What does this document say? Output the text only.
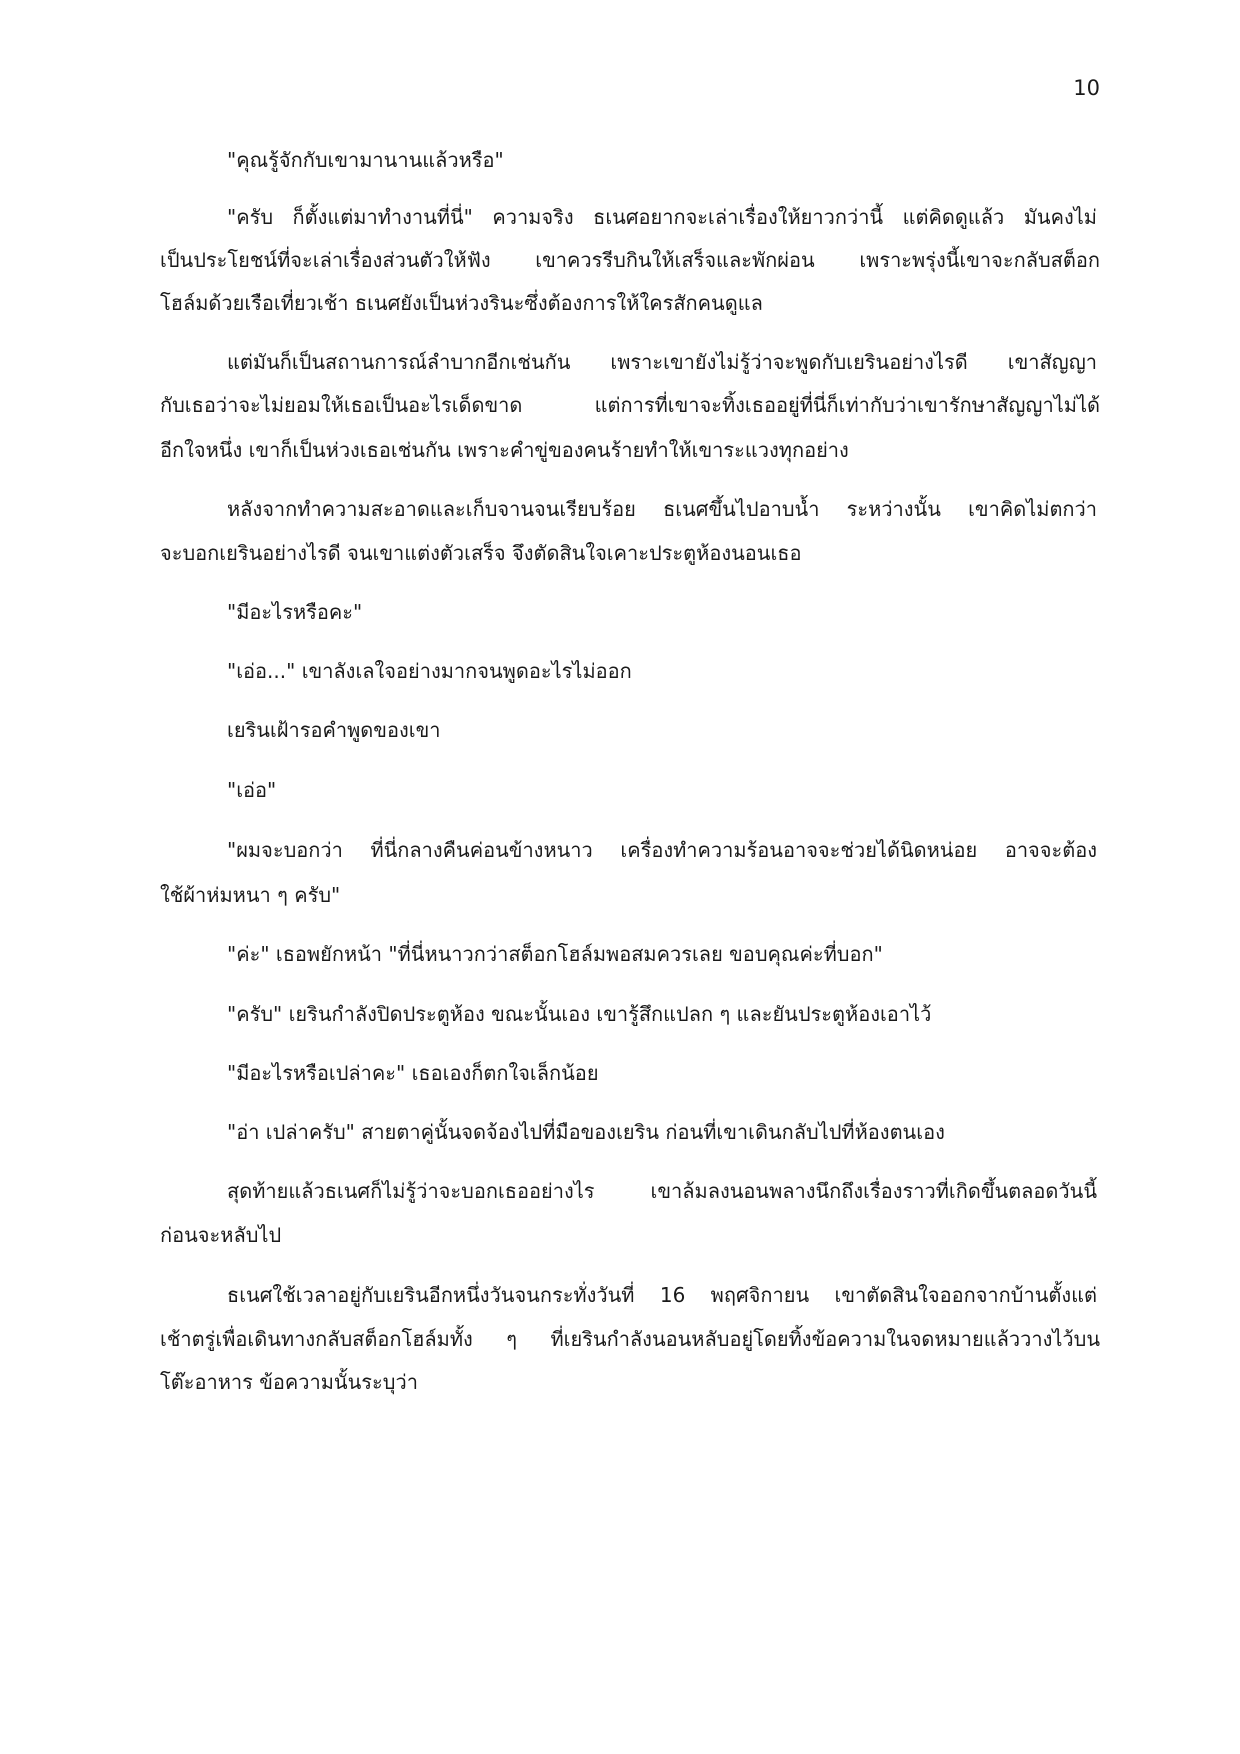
10
"คุณรู้จักกับเขามานานแล้วหรือ"
"ครับ ก็ตั้งแต่มาทำงานที่นี่" ความจริง ธเนศอยากจะเล่าเรื่องให้ยาวกว่านี้ แต่คิดดูแล้ว มันคงไม่
เป็นประโยชน์ที่จะเล่าเรื่องส่วนตัวให้ฟัง เขาควรรีบกินให้เสร็จและพักผ่อน เพราะพรุ่งนี้เขาจะกลับสต็อก
โฮล์มด้วยเรือเที่ยวเช้า ธเนศยังเป็นห่วงรินะซึ่งต้องการให้ใครสักคนดูแล
แต่มันก็เป็นสถานการณ์ลำบากอีกเช่นกัน เพราะเขายังไม่รู้ว่าจะพูดกับเยรินอย่างไรดี เขาสัญญา
กับเธอว่าจะไม่ยอมให้เธอเป็นอะไรเด็ดขาด แต่การที่เขาจะทิ้งเธออยู่ที่นี่ก็เท่ากับว่าเขารักษาสัญญาไม่ได้
อีกใจหนึ่ง เขาก็เป็นห่วงเธอเช่นกัน เพราะคำขู่ของคนร้ายทำให้เขาระแวงทุกอย่าง
หลังจากทำความสะอาดและเก็บจานจนเรียบร้อย ธเนศขึ้นไปอาบน้ำ ระหว่างนั้น เขาคิดไม่ตกว่า
จะบอกเยรินอย่างไรดี จนเขาแต่งตัวเสร็จ จึงตัดสินใจเคาะประตูห้องนอนเธอ
"มีอะไรหรือคะ"
"เอ่อ..." เขาลังเลใจอย่างมากจนพูดอะไรไม่ออก
เยรินเฝ้ารอคำพูดของเขา
"เอ่อ"
"ผมจะบอกว่า ที่นี่กลางคืนค่อนข้างหนาว เครื่องทำความร้อนอาจจะช่วยได้นิดหน่อย อาจจะต้อง
ใช้ผ้าห่มหนา ๆ ครับ"
"ค่ะ" เธอพยักหน้า "ที่นี่หนาวกว่าสต็อกโฮล์มพอสมควรเลย ขอบคุณค่ะที่บอก"
"ครับ" เยรินกำลังปิดประตูห้อง ขณะนั้นเอง เขารู้สึกแปลก ๆ และยันประตูห้องเอาไว้
"มีอะไรหรือเปล่าคะ" เธอเองก็ตกใจเล็กน้อย
"อ่า เปล่าครับ" สายตาคู่นั้นจดจ้องไปที่มือของเยริน ก่อนที่เขาเดินกลับไปที่ห้องตนเอง
สุดท้ายแล้วธเนศก็ไม่รู้ว่าจะบอกเธออย่างไร เขาล้มลงนอนพลางนึกถึงเรื่องราวที่เกิดขึ้นตลอดวันนี้
ก่อนจะหลับไป
ธเนศใช้เวลาอยู่กับเยรินอีกหนึ่งวันจนกระทั่งวันที่ 16 พฤศจิกายน เขาตัดสินใจออกจากบ้านตั้งแต่
เช้าตรู่เพื่อเดินทางกลับสต็อกโฮล์มทั้ง ๆ ที่เยรินกำลังนอนหลับอยู่โดยทิ้งข้อความในจดหมายแล้ววางไว้บน
โต๊ะอาหาร ข้อความนั้นระบุว่า
